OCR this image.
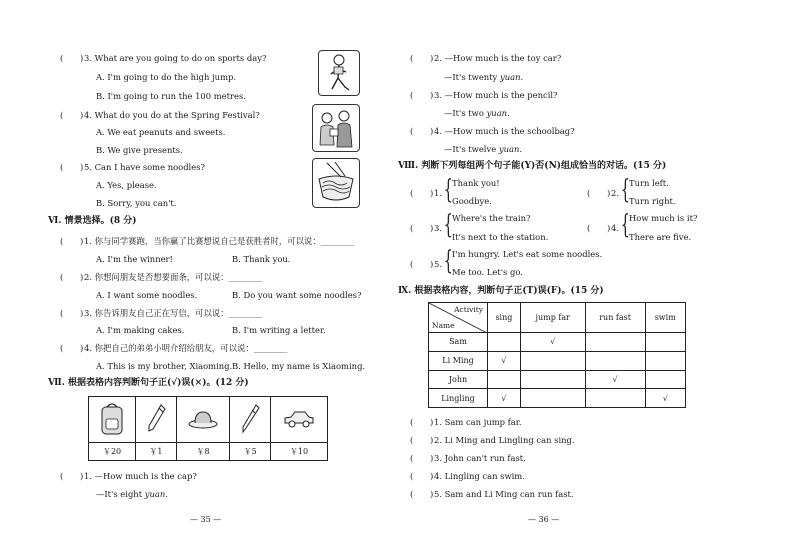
(　　) 3. What are you going to do on sports day?
A. I'm going to do the high jump.
B. I'm going to run the 100 metres.
(　　) 4. What do you do at the Spring Festival?
A. We eat peanuts and sweets.
B. We give presents.
(　　) 5. Can I have some noodles?
A. Yes, please.
B. Sorry, you can't.
Ⅵ. 情景选择。(8 分)
(　　) 1. 你与同学赛跑，当你赢了比赛想说自己是获胜者时，可以说：________
A. I'm the winner!	B. Thank you.
(　　) 2. 你想问朋友是否想要面条，可以说：________
A. I want some noodles.	B. Do you want some noodles?
(　　) 3. 你告诉朋友自己正在写信，可以说：________
A. I'm making cakes.	B. I'm writing a letter.
(　　) 4. 你把自己的弟弟小明介绍给朋友，可以说：________
A. This is my brother, Xiaoming. B. Hello, my name is Xiaoming.
Ⅶ. 根据表格内容判断句子正(√)误(×)。(12 分)

￥20	￥1	￥8	￥5	￥10
(　　) 1. —How much is the cap?
—It's eight yuan.
— 35 —
(　　) 2. —How much is the toy car?
—It's twenty yuan.
(　　) 3. —How much is the pencil?
—It's two yuan.
(　　) 4. —How much is the schoolbag?
—It's twelve yuan.
Ⅷ. 判断下列每组两个句子能(Y)否(N)组成恰当的对话。(15 分)
(　　) 1. { Thank you!
Goodbye.
(　　) 2. { Turn left.
Turn right.
(　　) 3. { Where's the train?
It's next to the station.
(　　) 4. { How much is it?
There are five.
(　　) 5. { I'm hungry. Let's eat some noodles.
Me too. Let's go.
Ⅸ. 根据表格内容，判断句子正(T)误(F)。(15 分)
Activity
Name	sing	jump far	run fast	swim
Sam		√		
Li Ming	√			
John			√	
Lingling	√			√
(　　) 1. Sam can jump far.
(　　) 2. Li Ming and Lingling can sing.
(　　) 3. John can't run fast.
(　　) 4. Lingling can swim.
(　　) 5. Sam and Li Ming can run fast.
— 36 —
